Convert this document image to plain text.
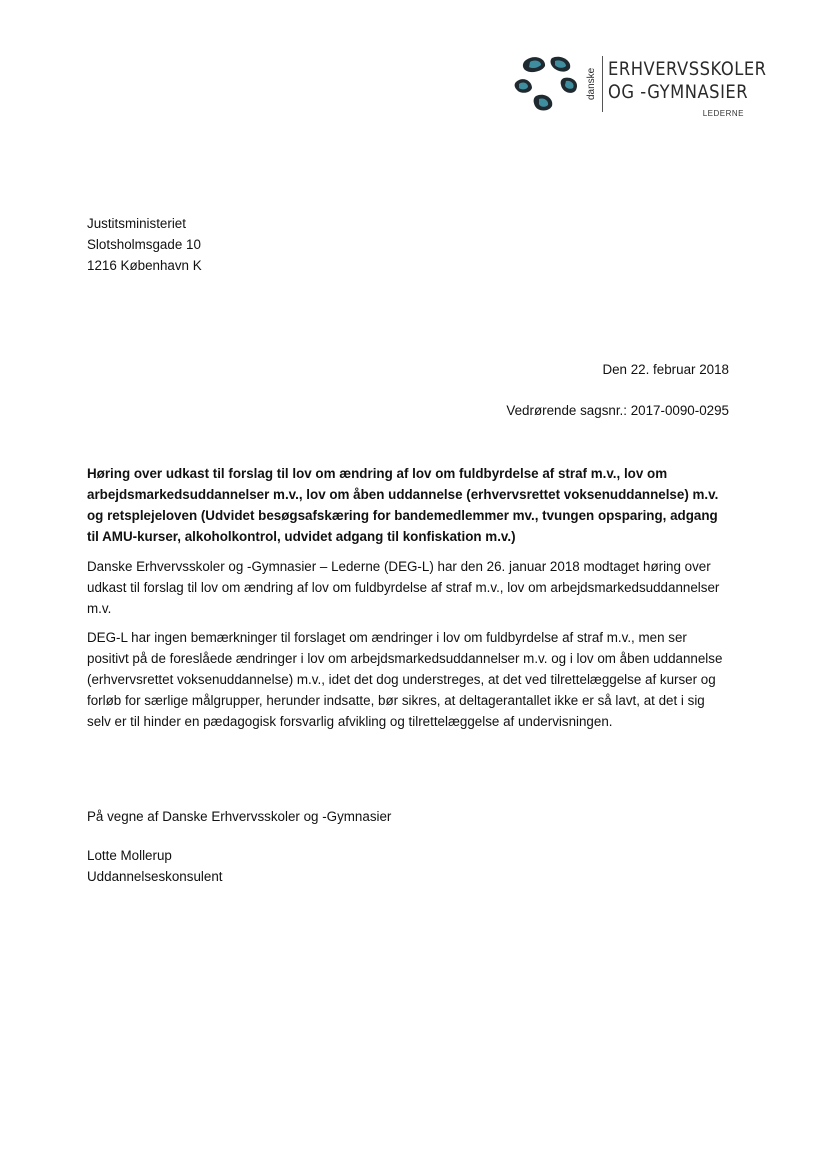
danske ERHVERVSSKOLER
OG -GYMNASIER
LEDERNE
Justitsministeriet
Slotsholmsgade 10
1216 København K
Den 22. februar 2018
Vedrørende sagsnr.: 2017-0090-0295
Høring over udkast til forslag til lov om ændring af lov om fuldbyrdelse af straf m.v., lov om
arbejdsmarkedsuddannelser m.v., lov om åben uddannelse (erhvervsrettet voksenuddannelse) m.v.
og retsplejeloven (Udvidet besøgsafskæring for bandemedlemmer mv., tvungen opsparing, adgang
til AMU-kurser, alkoholkontrol, udvidet adgang til konfiskation m.v.)
Danske Erhvervsskoler og -Gymnasier – Lederne (DEG-L) har den 26. januar 2018 modtaget høring over
udkast til forslag til lov om ændring af lov om fuldbyrdelse af straf m.v., lov om arbejdsmarkedsuddannelser
m.v.
DEG-L har ingen bemærkninger til forslaget om ændringer i lov om fuldbyrdelse af straf m.v., men ser
positivt på de foreslåede ændringer i lov om arbejdsmarkedsuddannelser m.v. og i lov om åben uddannelse
(erhvervsrettet voksenuddannelse) m.v., idet det dog understreges, at det ved tilrettelæggelse af kurser og
forløb for særlige målgrupper, herunder indsatte, bør sikres, at deltagerantallet ikke er så lavt, at det i sig
selv er til hinder en pædagogisk forsvarlig afvikling og tilrettelæggelse af undervisningen.
På vegne af Danske Erhvervsskoler og -Gymnasier
Lotte Mollerup
Uddannelseskonsulent
